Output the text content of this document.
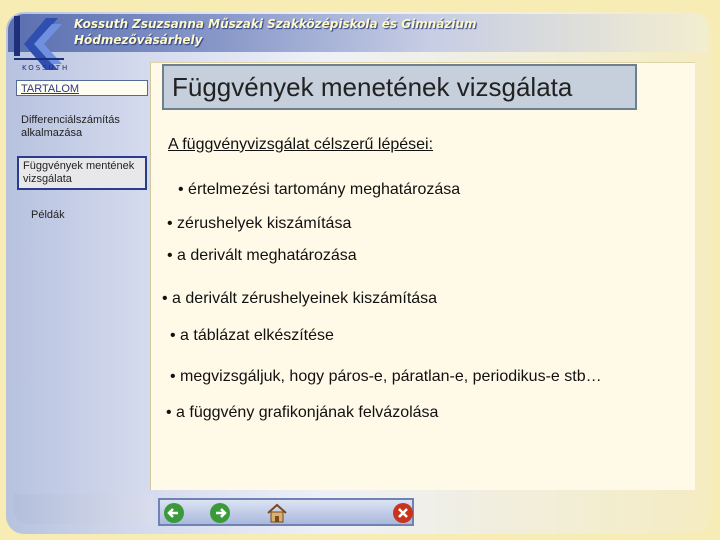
KOSSUTH
Kossuth Zsuzsanna Műszaki Szakközépiskola és Gimnázium
Hódmezővásárhely
TARTALOM
Differenciálszámítás alkalmazása
Függvények mentének vizsgálata
Példák
Függvények menetének vizsgálata
A függvényvizsgálat célszerű lépései:
• értelmezési tartomány meghatározása
• zérushelyek kiszámítása
• a derivált meghatározása
• a derivált zérushelyeinek kiszámítása
• a táblázat elkészítése
• megvizsgáljuk, hogy páros-e, páratlan-e, periodikus-e stb…
• a függvény grafikonjának felvázolása
